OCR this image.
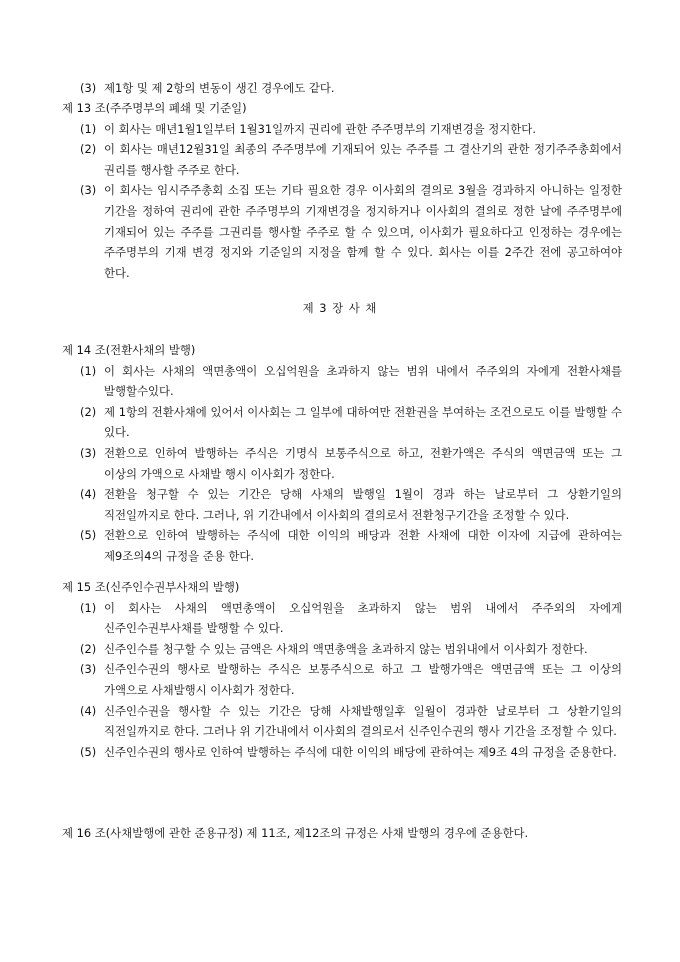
(3) 제1항 및 제 2항의 변동이 생긴 경우에도 같다.
제 13 조(주주명부의 폐쇄 및 기준일)
(1) 이 회사는 매년1월1일부터 1월31일까지 권리에 관한 주주명부의 기재변경을 정지한다.
(2) 이 회사는 매년12월31일 최종의 주주명부에 기재되어 있는 주주를 그 결산기의 관한 정기주주총회에서 권리를 행사할 주주로 한다.
(3) 이 회사는 임시주주총회 소집 또는 기타 필요한 경우 이사회의 결의로 3월을 경과하지 아니하는 일정한 기간을 정하여 권리에 관한 주주명부의 기재변경을 정지하거나 이사회의 결의로 정한 날에 주주명부에 기재되어 있는 주주를 그권리를 행사할 주주로 할 수 있으며, 이사회가 필요하다고 인정하는 경우에는 주주명부의 기재 변경 정지와 기준일의 지정을 함께 할 수 있다. 회사는 이를 2주간 전에 공고하여야 한다.
제 3 장 사 채
제 14 조(전환사채의 발행)
(1) 이 회사는 사채의 액면총액이 오십억원을 초과하지 않는 범위 내에서 주주외의 자에게 전환사채를 발행할수있다.
(2) 제 1항의 전환사채에 있어서 이사회는 그 일부에 대하여만 전환권을 부여하는 조건으로도 이를 발행할 수 있다.
(3) 전환으로 인하여 발행하는 주식은 기명식 보통주식으로 하고, 전환가액은 주식의 액면금액 또는 그 이상의 가액으로 사채발 행시 이사회가 정한다.
(4) 전환을 청구할 수 있는 기간은 당해 사채의 발행일 1월이 경과 하는 날로부터 그 상환기일의 직전일까지로 한다. 그러나, 위 기간내에서 이사회의 결의로서 전환청구기간을 조정할 수 있다.
(5) 전환으로 인하여 발행하는 주식에 대한 이익의 배당과 전환 사채에 대한 이자에 지급에 관하여는 제9조의4의 규정을 준용 한다.
제 15 조(신주인수권부사채의 발행)
(1) 이 회사는 사채의 액면총액이 오십억원을 초과하지 않는 범위 내에서 주주외의 자에게 신주인수권부사채를 발행할 수 있다.
(2) 신주인수를 청구할 수 있는 금액은 사채의 액면총액을 초과하지 않는 범위내에서 이사회가 정한다.
(3) 신주인수권의 행사로 발행하는 주식은 보통주식으로 하고 그 발행가액은 액면금액 또는 그 이상의 가액으로 사채발행시 이사회가 정한다.
(4) 신주인수권을 행사할 수 있는 기간은 당해 사채발행일후 일월이 경과한 날로부터 그 상환기일의 직전일까지로 한다. 그러나 위 기간내에서 이사회의 결의로서 신주인수권의 행사 기간을 조정할 수 있다.
(5) 신주인수권의 행사로 인하여 발행하는 주식에 대한 이익의 배당에 관하여는 제9조 4의 규정을 준용한다.
제 16 조(사채발행에 관한 준용규정) 제 11조, 제12조의 규정은 사채 발행의 경우에 준용한다.
